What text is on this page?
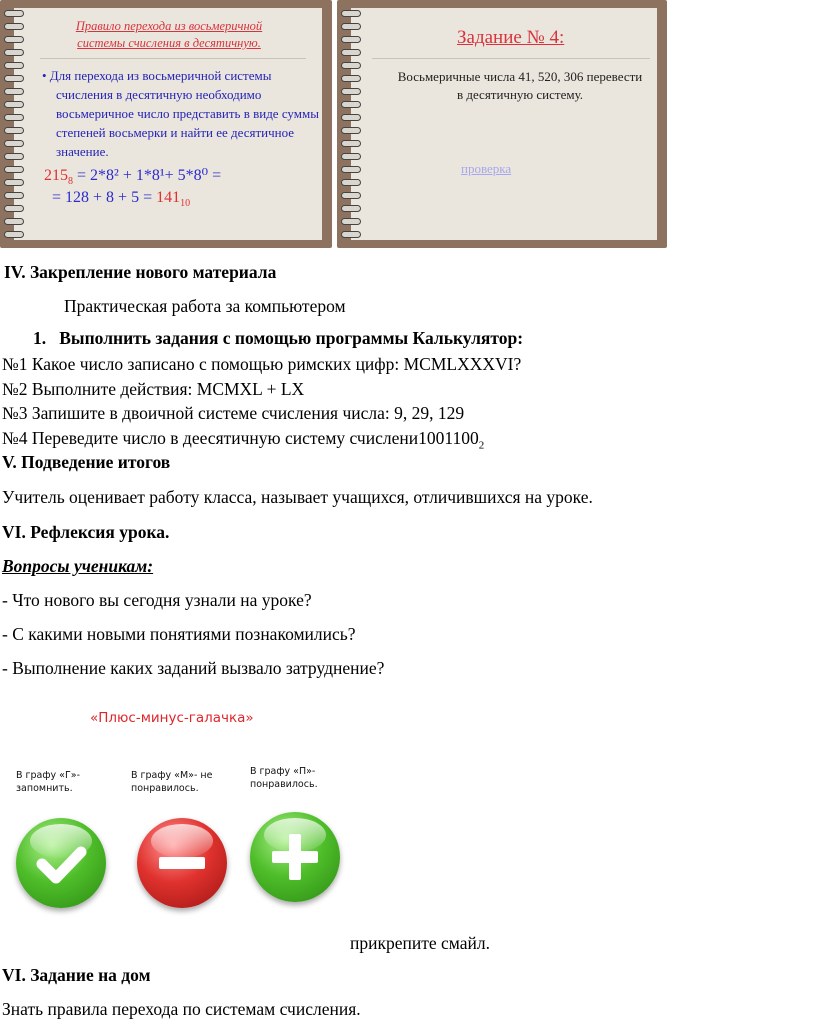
Правило перехода из восьмеричной системы счисления в десятичную.
• Для перехода из восьмеричной системы счисления в десятичную необходимо восьмеричное число представить в виде суммы степеней восьмерки и найти ее десятичное значение.
$215_8 = 2*8^2 + 1*8^1+ 5*8^0$ =
= $128 + 8 + 5 = 141_{10}$
Задание № 4:
Восьмеричные числа 41, 520, 306 перевести в десятичную систему.
проверка
IV. Закрепление нового материала
Практическая работа за компьютером
1. Выполнить задания с помощью программы Калькулятор:
№1 Какое число записано с помощью римских цифр: MCMLXXXVI?
№2 Выполните действия: MCMXL + LX
№3 Запишите в двоичной системе счисления числа: 9, 29, 129
№4 Переведите число в деесятичную систему $счислени1001100_2$
V. Подведение итогов
Учитель оценивает работу класса, называет учащихся, отличившихся на уроке.
VI. Рефлексия урока.
Вопросы ученикам:
- Что нового вы сегодня узнали на уроке?
- С какими новыми понятиями познакомились?
- Выполнение каких заданий вызвало затруднение?
«Плюс-минус-галачка»
В графу «Г»- запомнить.
В графу «М»- не понравилось.
В графу «П»- понравилось.
прикрепите смайл.
VI. Задание на дом
Знать правила перехода по системам счисления.
